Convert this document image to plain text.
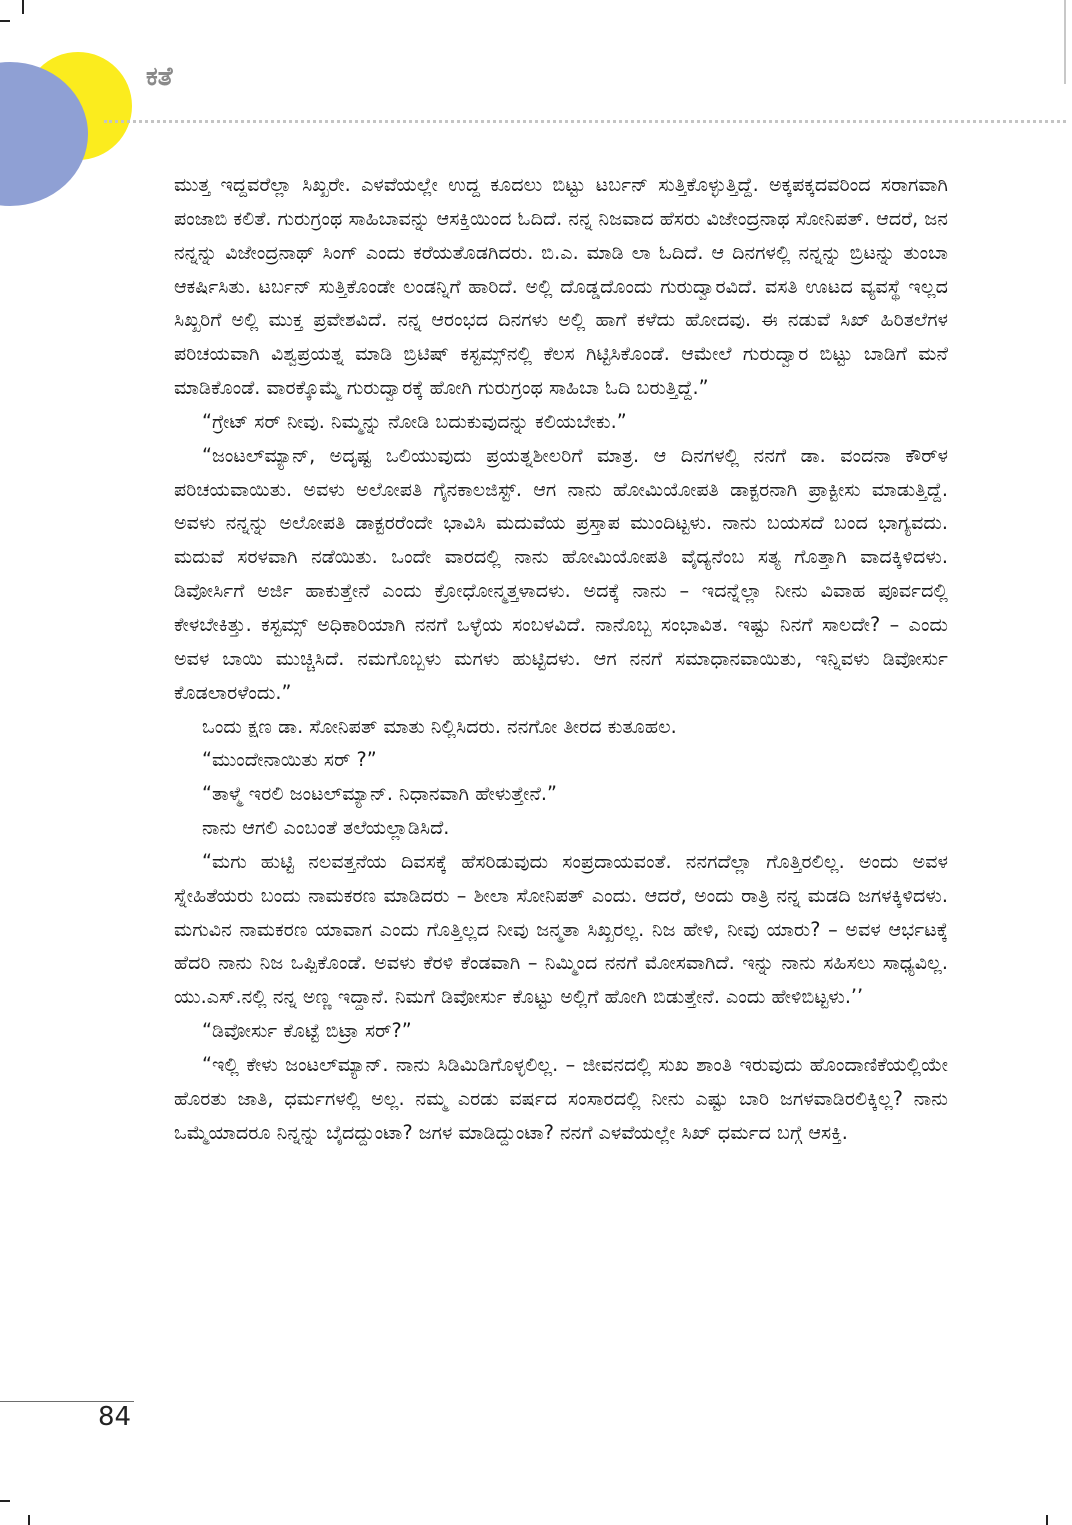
ಕತೆ

ಮುತ್ತ ಇದ್ದವರೆಲ್ಲಾ ಸಿಖ್ಖರೇ. ಎಳವೆಯಲ್ಲೇ ಉದ್ದ ಕೂದಲು ಬಿಟ್ಟು ಟರ್ಬನ್ ಸುತ್ತಿಕೊಳ್ಳುತ್ತಿದ್ದೆ. ಅಕ್ಕಪಕ್ಕದವರಿಂದ ಸರಾಗವಾಗಿ ಪಂಜಾಬಿ ಕಲಿತೆ. ಗುರುಗ್ರಂಥ ಸಾಹಿಬಾವನ್ನು ಆಸಕ್ತಿಯಿಂದ ಓದಿದೆ. ನನ್ನ ನಿಜವಾದ ಹೆಸರು ವಿಜೇಂದ್ರನಾಥ ಸೋನಿಪತ್. ಆದರೆ, ಜನ ನನ್ನನ್ನು ವಿಜೇಂದ್ರನಾಥ್ ಸಿಂಗ್ ಎಂದು ಕರೆಯತೊಡಗಿದರು. ಬಿ.ಎ. ಮಾಡಿ ಲಾ ಓದಿದೆ. ಆ ದಿನಗಳಲ್ಲಿ ನನ್ನನ್ನು ಬ್ರಿಟನ್ನು ತುಂಬಾ ಆಕರ್ಷಿಸಿತು. ಟರ್ಬನ್ ಸುತ್ತಿಕೊಂಡೇ ಲಂಡನ್ನಿಗೆ ಹಾರಿದೆ. ಅಲ್ಲಿ ದೊಡ್ಡದೊಂದು ಗುರುದ್ವಾರವಿದೆ. ವಸತಿ ಊಟದ ವ್ಯವಸ್ಥೆ ಇಲ್ಲದ ಸಿಖ್ಖರಿಗೆ ಅಲ್ಲಿ ಮುಕ್ತ ಪ್ರವೇಶವಿದೆ. ನನ್ನ ಆರಂಭದ ದಿನಗಳು ಅಲ್ಲಿ ಹಾಗೆ ಕಳೆದು ಹೋದವು. ಈ ನಡುವೆ ಸಿಖ್ ಹಿರಿತಲೆಗಳ ಪರಿಚಯವಾಗಿ ವಿಶ್ವಪ್ರಯತ್ನ ಮಾಡಿ ಬ್ರಿಟಿಷ್ ಕಸ್ಟಮ್ಸ್‌ನಲ್ಲಿ ಕೆಲಸ ಗಿಟ್ಟಿಸಿಕೊಂಡೆ. ಆಮೇಲೆ ಗುರುದ್ವಾರ ಬಿಟ್ಟು ಬಾಡಿಗೆ ಮನೆ ಮಾಡಿಕೊಂಡೆ. ವಾರಕ್ಕೊಮ್ಮೆ ಗುರುದ್ವಾರಕ್ಕೆ ಹೋಗಿ ಗುರುಗ್ರಂಥ ಸಾಹಿಬಾ ಓದಿ ಬರುತ್ತಿದ್ದೆ.”

“ಗ್ರೇಟ್ ಸರ್ ನೀವು. ನಿಮ್ಮನ್ನು ನೋಡಿ ಬದುಕುವುದನ್ನು ಕಲಿಯಬೇಕು.”

“ಜಂಟಲ್‌ಮ್ಯಾನ್, ಅದೃಷ್ಟ ಒಲಿಯುವುದು ಪ್ರಯತ್ನಶೀಲರಿಗೆ ಮಾತ್ರ. ಆ ದಿನಗಳಲ್ಲಿ ನನಗೆ ಡಾ. ವಂದನಾ ಕೌರ್‌ಳ ಪರಿಚಯವಾಯಿತು. ಅವಳು ಅಲೋಪತಿ ಗೈನಕಾಲಜಿಸ್ಟ್. ಆಗ ನಾನು ಹೋಮಿಯೋಪತಿ ಡಾಕ್ಟರನಾಗಿ ಪ್ರಾಕ್ಟೀಸು ಮಾಡುತ್ತಿದ್ದೆ. ಅವಳು ನನ್ನನ್ನು ಅಲೋಪತಿ ಡಾಕ್ಟರರೆಂದೇ ಭಾವಿಸಿ ಮದುವೆಯ ಪ್ರಸ್ತಾಪ ಮುಂದಿಟ್ಟಳು. ನಾನು ಬಯಸದೆ ಬಂದ ಭಾಗ್ಯವದು. ಮದುವೆ ಸರಳವಾಗಿ ನಡೆಯಿತು. ಒಂದೇ ವಾರದಲ್ಲಿ ನಾನು ಹೋಮಿಯೋಪತಿ ವೈದ್ಯನೆಂಬ ಸತ್ಯ ಗೊತ್ತಾಗಿ ವಾದಕ್ಕಿಳಿದಳು. ಡಿವೋರ್ಸಿಗೆ ಅರ್ಜಿ ಹಾಕುತ್ತೇನೆ ಎಂದು ಕ್ರೋಧೋನ್ಮತ್ತಳಾದಳು. ಅದಕ್ಕೆ ನಾನು – ಇದನ್ನೆಲ್ಲಾ ನೀನು ವಿವಾಹ ಪೂರ್ವದಲ್ಲಿ ಕೇಳಬೇಕಿತ್ತು. ಕಸ್ಟಮ್ಸ್ ಅಧಿಕಾರಿಯಾಗಿ ನನಗೆ ಒಳ್ಳೆಯ ಸಂಬಳವಿದೆ. ನಾನೊಬ್ಬ ಸಂಭಾವಿತ. ಇಷ್ಟು ನಿನಗೆ ಸಾಲದೇ? – ಎಂದು ಅವಳ ಬಾಯಿ ಮುಚ್ಚಿಸಿದೆ. ನಮಗೊಬ್ಬಳು ಮಗಳು ಹುಟ್ಟಿದಳು. ಆಗ ನನಗೆ ಸಮಾಧಾನವಾಯಿತು, ಇನ್ನಿವಳು ಡಿವೋರ್ಸು ಕೊಡಲಾರಳೆಂದು.”

ಒಂದು ಕ್ಷಣ ಡಾ. ಸೋನಿಪತ್ ಮಾತು ನಿಲ್ಲಿಸಿದರು. ನನಗೋ ತೀರದ ಕುತೂಹಲ.

“ಮುಂದೇನಾಯಿತು ಸರ್ ?”

“ತಾಳ್ಮೆ ಇರಲಿ ಜಂಟಲ್‌ಮ್ಯಾನ್. ನಿಧಾನವಾಗಿ ಹೇಳುತ್ತೇನೆ.”

ನಾನು ಆಗಲಿ ಎಂಬಂತೆ ತಲೆಯಲ್ಲಾಡಿಸಿದೆ.

“ಮಗು ಹುಟ್ಟಿ ನಲವತ್ತನೆಯ ದಿವಸಕ್ಕೆ ಹೆಸರಿಡುವುದು ಸಂಪ್ರದಾಯವಂತೆ. ನನಗದೆಲ್ಲಾ ಗೊತ್ತಿರಲಿಲ್ಲ. ಅಂದು ಅವಳ ಸ್ನೇಹಿತೆಯರು ಬಂದು ನಾಮಕರಣ ಮಾಡಿದರು – ಶೀಲಾ ಸೋನಿಪತ್ ಎಂದು. ಆದರೆ, ಅಂದು ರಾತ್ರಿ ನನ್ನ ಮಡದಿ ಜಗಳಕ್ಕಿಳಿದಳು. ಮಗುವಿನ ನಾಮಕರಣ ಯಾವಾಗ ಎಂದು ಗೊತ್ತಿಲ್ಲದ ನೀವು ಜನ್ಮತಾ ಸಿಖ್ಖರಲ್ಲ. ನಿಜ ಹೇಳಿ, ನೀವು ಯಾರು? – ಅವಳ ಆರ್ಭಟಕ್ಕೆ ಹೆದರಿ ನಾನು ನಿಜ ಒಪ್ಪಿಕೊಂಡೆ. ಅವಳು ಕೆರಳಿ ಕೆಂಡವಾಗಿ – ನಿಮ್ಮಿಂದ ನನಗೆ ಮೋಸವಾಗಿದೆ. ಇನ್ನು ನಾನು ಸಹಿಸಲು ಸಾಧ್ಯವಿಲ್ಲ. ಯು.ಎಸ್.ನಲ್ಲಿ ನನ್ನ ಅಣ್ಣ ಇದ್ದಾನೆ. ನಿಮಗೆ ಡಿವೋರ್ಸು ಕೊಟ್ಟು ಅಲ್ಲಿಗೆ ಹೋಗಿ ಬಿಡುತ್ತೇನೆ. ಎಂದು ಹೇಳಿಬಿಟ್ಟಳು.’’

“ಡಿವೋರ್ಸು ಕೊಟ್ಟೆ ಬಿಟ್ರಾ ಸರ್?”

“ಇಲ್ಲಿ ಕೇಳು ಜಂಟಲ್‌ಮ್ಯಾನ್. ನಾನು ಸಿಡಿಮಿಡಿಗೊಳ್ಳಲಿಲ್ಲ. – ಜೀವನದಲ್ಲಿ ಸುಖ ಶಾಂತಿ ಇರುವುದು ಹೊಂದಾಣಿಕೆಯಲ್ಲಿಯೇ ಹೊರತು ಜಾತಿ, ಧರ್ಮಗಳಲ್ಲಿ ಅಲ್ಲ. ನಮ್ಮ ಎರಡು ವರ್ಷದ ಸಂಸಾರದಲ್ಲಿ ನೀನು ಎಷ್ಟು ಬಾರಿ ಜಗಳವಾಡಿರಲಿಕ್ಕಿಲ್ಲ? ನಾನು ಒಮ್ಮೆಯಾದರೂ ನಿನ್ನನ್ನು ಬೈದದ್ದುಂಟಾ? ಜಗಳ ಮಾಡಿದ್ದುಂಟಾ? ನನಗೆ ಎಳವೆಯಲ್ಲೇ ಸಿಖ್ ಧರ್ಮದ ಬಗ್ಗೆ ಆಸಕ್ತಿ.

84
